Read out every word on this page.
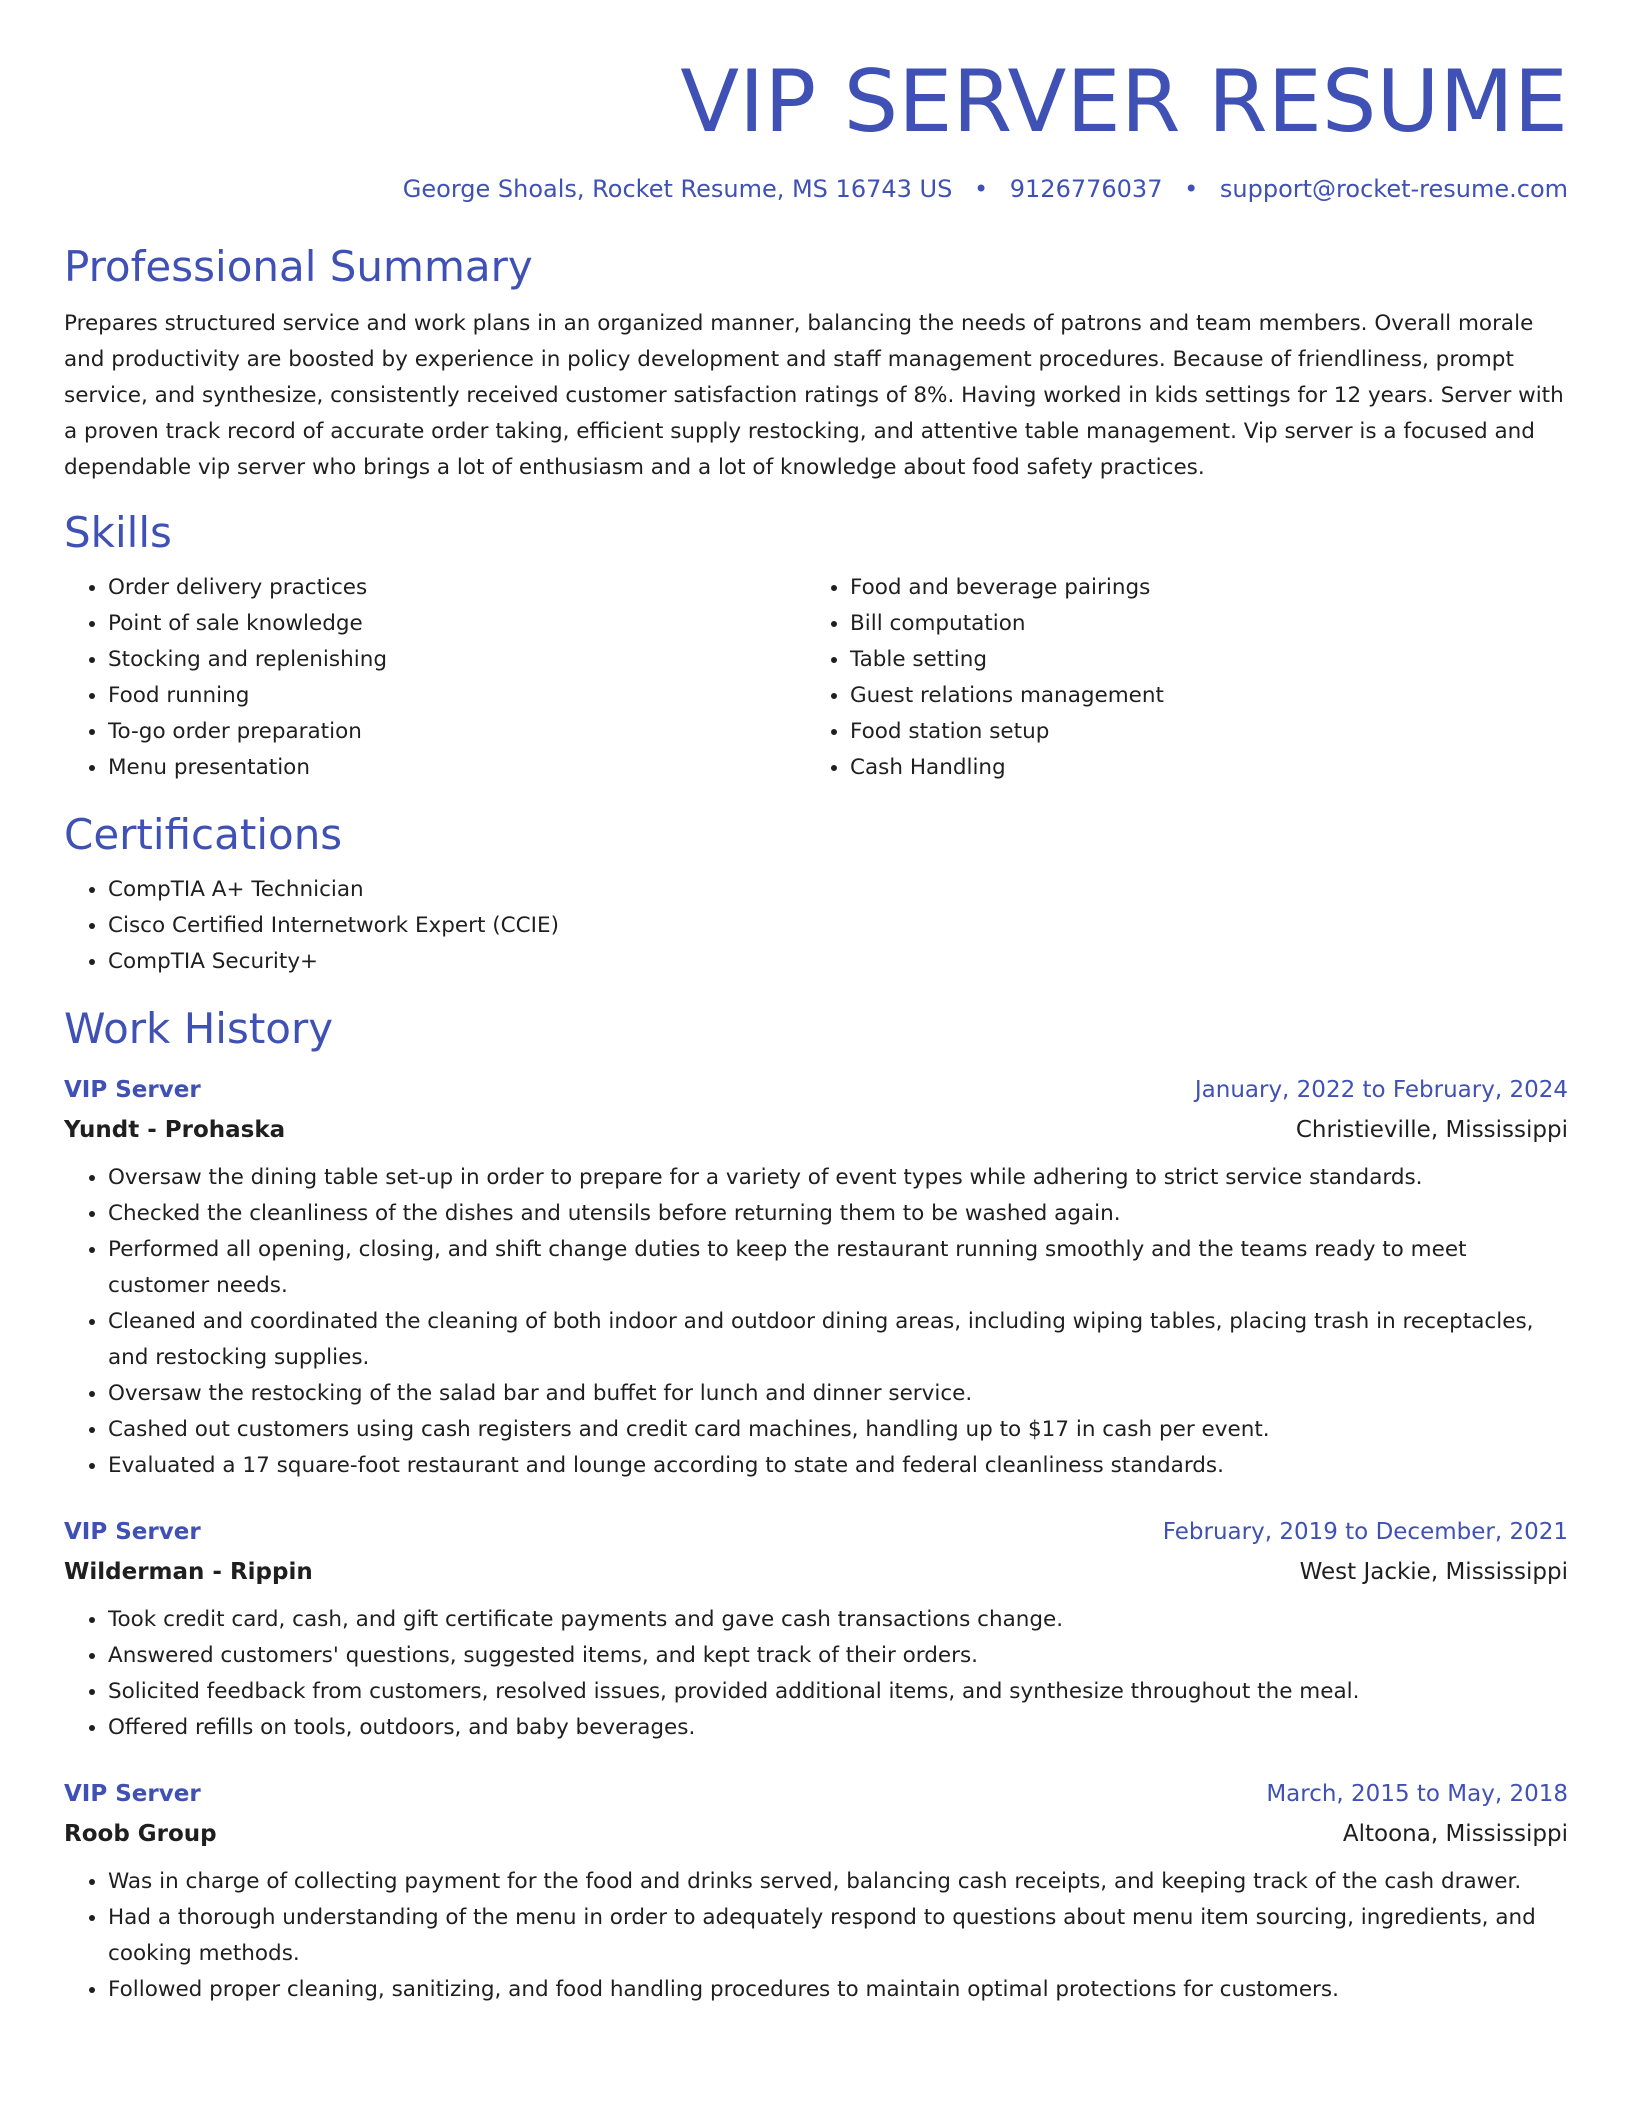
VIP SERVER RESUME
George Shoals, Rocket Resume, MS 16743 US • 9126776037 • support@rocket-resume.com
Professional Summary
Prepares structured service and work plans in an organized manner, balancing the needs of patrons and team members. Overall morale and productivity are boosted by experience in policy development and staff management procedures. Because of friendliness, prompt service, and synthesize, consistently received customer satisfaction ratings of 8%. Having worked in kids settings for 12 years. Server with a proven track record of accurate order taking, efficient supply restocking, and attentive table management. Vip server is a focused and dependable vip server who brings a lot of enthusiasm and a lot of knowledge about food safety practices.
Skills
• Order delivery practices
• Point of sale knowledge
• Stocking and replenishing
• Food running
• To-go order preparation
• Menu presentation
• Food and beverage pairings
• Bill computation
• Table setting
• Guest relations management
• Food station setup
• Cash Handling
Certifications
• CompTIA A+ Technician
• Cisco Certified Internetwork Expert (CCIE)
• CompTIA Security+
Work History
VIP Server	January, 2022 to February, 2024
Yundt - Prohaska	Christieville, Mississippi
• Oversaw the dining table set-up in order to prepare for a variety of event types while adhering to strict service standards.
• Checked the cleanliness of the dishes and utensils before returning them to be washed again.
• Performed all opening, closing, and shift change duties to keep the restaurant running smoothly and the teams ready to meet customer needs.
• Cleaned and coordinated the cleaning of both indoor and outdoor dining areas, including wiping tables, placing trash in receptacles, and restocking supplies.
• Oversaw the restocking of the salad bar and buffet for lunch and dinner service.
• Cashed out customers using cash registers and credit card machines, handling up to $17 in cash per event.
• Evaluated a 17 square-foot restaurant and lounge according to state and federal cleanliness standards.
VIP Server	February, 2019 to December, 2021
Wilderman - Rippin	West Jackie, Mississippi
• Took credit card, cash, and gift certificate payments and gave cash transactions change.
• Answered customers' questions, suggested items, and kept track of their orders.
• Solicited feedback from customers, resolved issues, provided additional items, and synthesize throughout the meal.
• Offered refills on tools, outdoors, and baby beverages.
VIP Server	March, 2015 to May, 2018
Roob Group	Altoona, Mississippi
• Was in charge of collecting payment for the food and drinks served, balancing cash receipts, and keeping track of the cash drawer.
• Had a thorough understanding of the menu in order to adequately respond to questions about menu item sourcing, ingredients, and cooking methods.
• Followed proper cleaning, sanitizing, and food handling procedures to maintain optimal protections for customers.
